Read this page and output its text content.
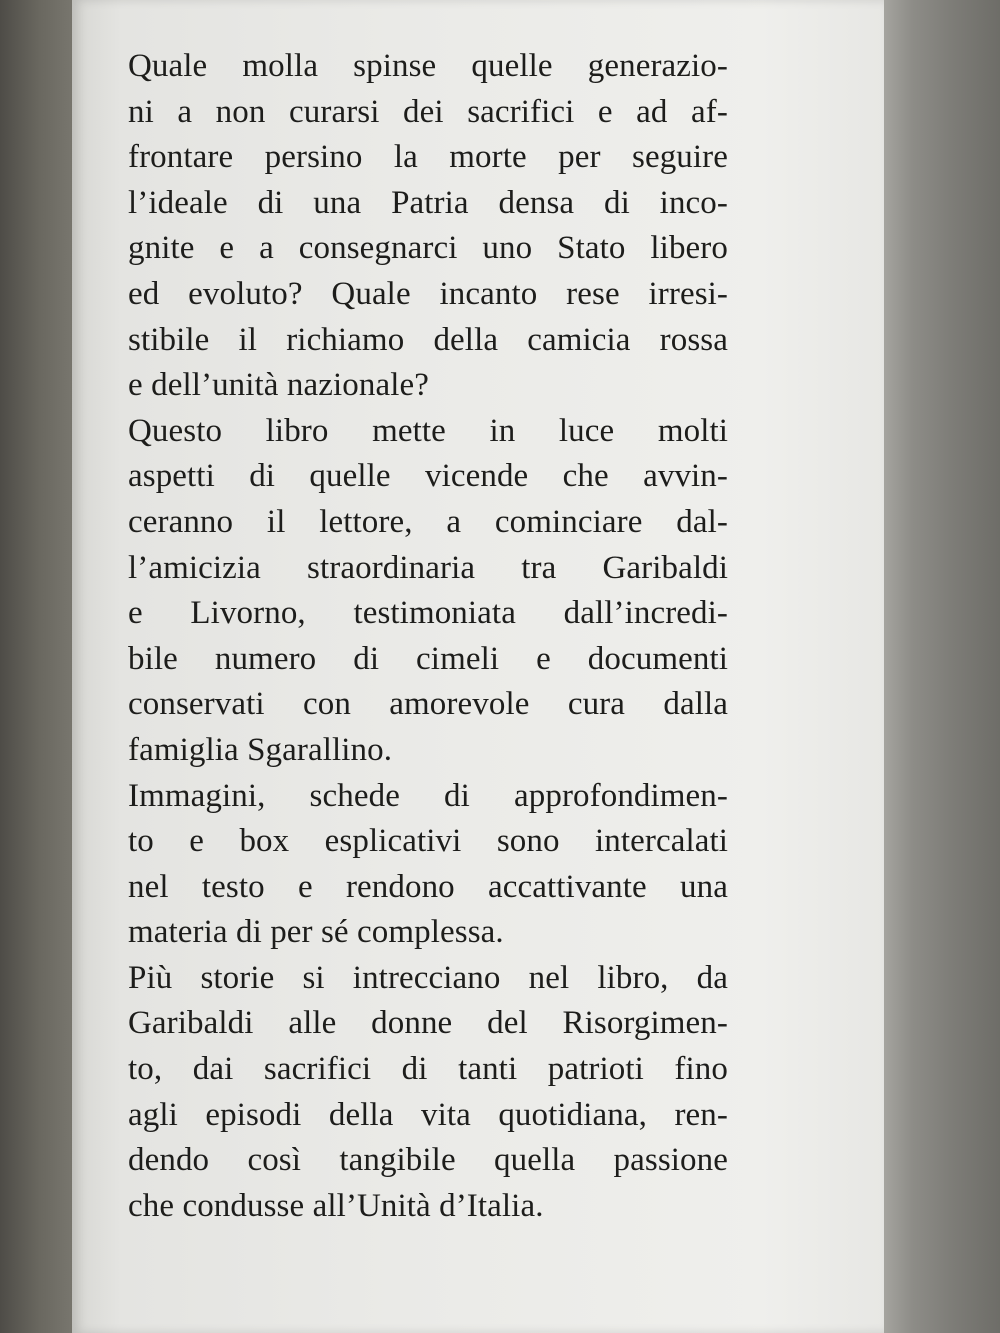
Quale molla spinse quelle generazio-
ni a non curarsi dei sacrifici e ad af-
frontare persino la morte per seguire
l’ideale di una Patria densa di inco-
gnite e a consegnarci uno Stato libero
ed evoluto? Quale incanto rese irresi-
stibile il richiamo della camicia rossa
e dell’unità nazionale?
Questo libro mette in luce molti
aspetti di quelle vicende che avvin-
ceranno il lettore, a cominciare dal-
l’amicizia straordinaria tra Garibaldi
e Livorno, testimoniata dall’incredi-
bile numero di cimeli e documenti
conservati con amorevole cura dalla
famiglia Sgarallino.
Immagini, schede di approfondimen-
to e box esplicativi sono intercalati
nel testo e rendono accattivante una
materia di per sé complessa.
Più storie si intrecciano nel libro, da
Garibaldi alle donne del Risorgimen-
to, dai sacrifici di tanti patrioti fino
agli episodi della vita quotidiana, ren-
dendo così tangibile quella passione
che condusse all’Unità d’Italia.
